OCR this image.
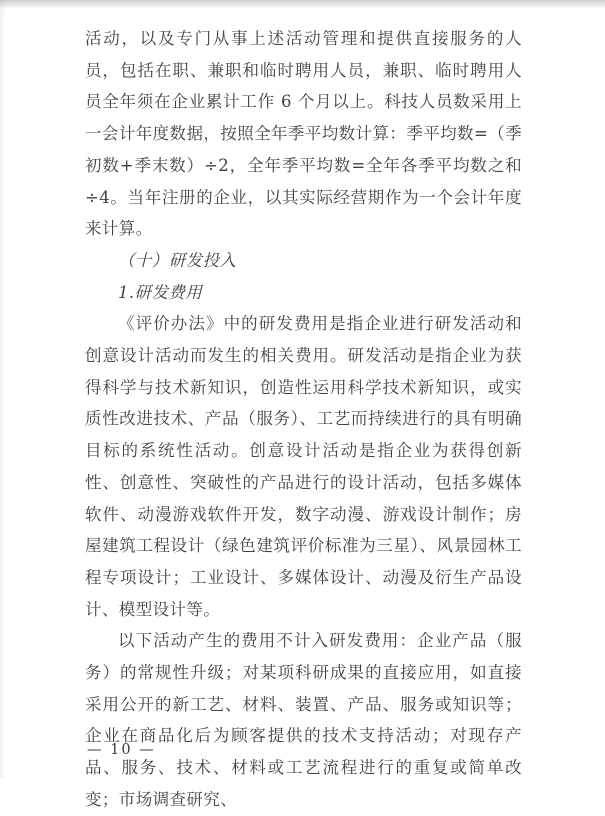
活动，以及专门从事上述活动管理和提供直接服务的人员，包括在职、兼职和临时聘用人员，兼职、临时聘用人员全年须在企业累计工作 6 个月以上。科技人员数采用上一会计年度数据，按照全年季平均数计算：季平均数=（季初数+季末数）÷2，全年季平均数=全年各季平均数之和÷4。当年注册的企业，以其实际经营期作为一个会计年度来计算。

（十）研发投入

1.研发费用

《评价办法》中的研发费用是指企业进行研发活动和创意设计活动而发生的相关费用。研发活动是指企业为获得科学与技术新知识，创造性运用科学技术新知识，或实质性改进技术、产品（服务）、工艺而持续进行的具有明确目标的系统性活动。创意设计活动是指企业为获得创新性、创意性、突破性的产品进行的设计活动，包括多媒体软件、动漫游戏软件开发，数字动漫、游戏设计制作；房屋建筑工程设计（绿色建筑评价标准为三星）、风景园林工程专项设计；工业设计、多媒体设计、动漫及衍生产品设计、模型设计等。

以下活动产生的费用不计入研发费用：企业产品（服务）的常规性升级；对某项科研成果的直接应用，如直接采用公开的新工艺、材料、装置、产品、服务或知识等；企业在商品化后为顾客提供的技术支持活动；对现存产品、服务、技术、材料或工艺流程进行的重复或简单改变；市场调查研究、

— 10 —
